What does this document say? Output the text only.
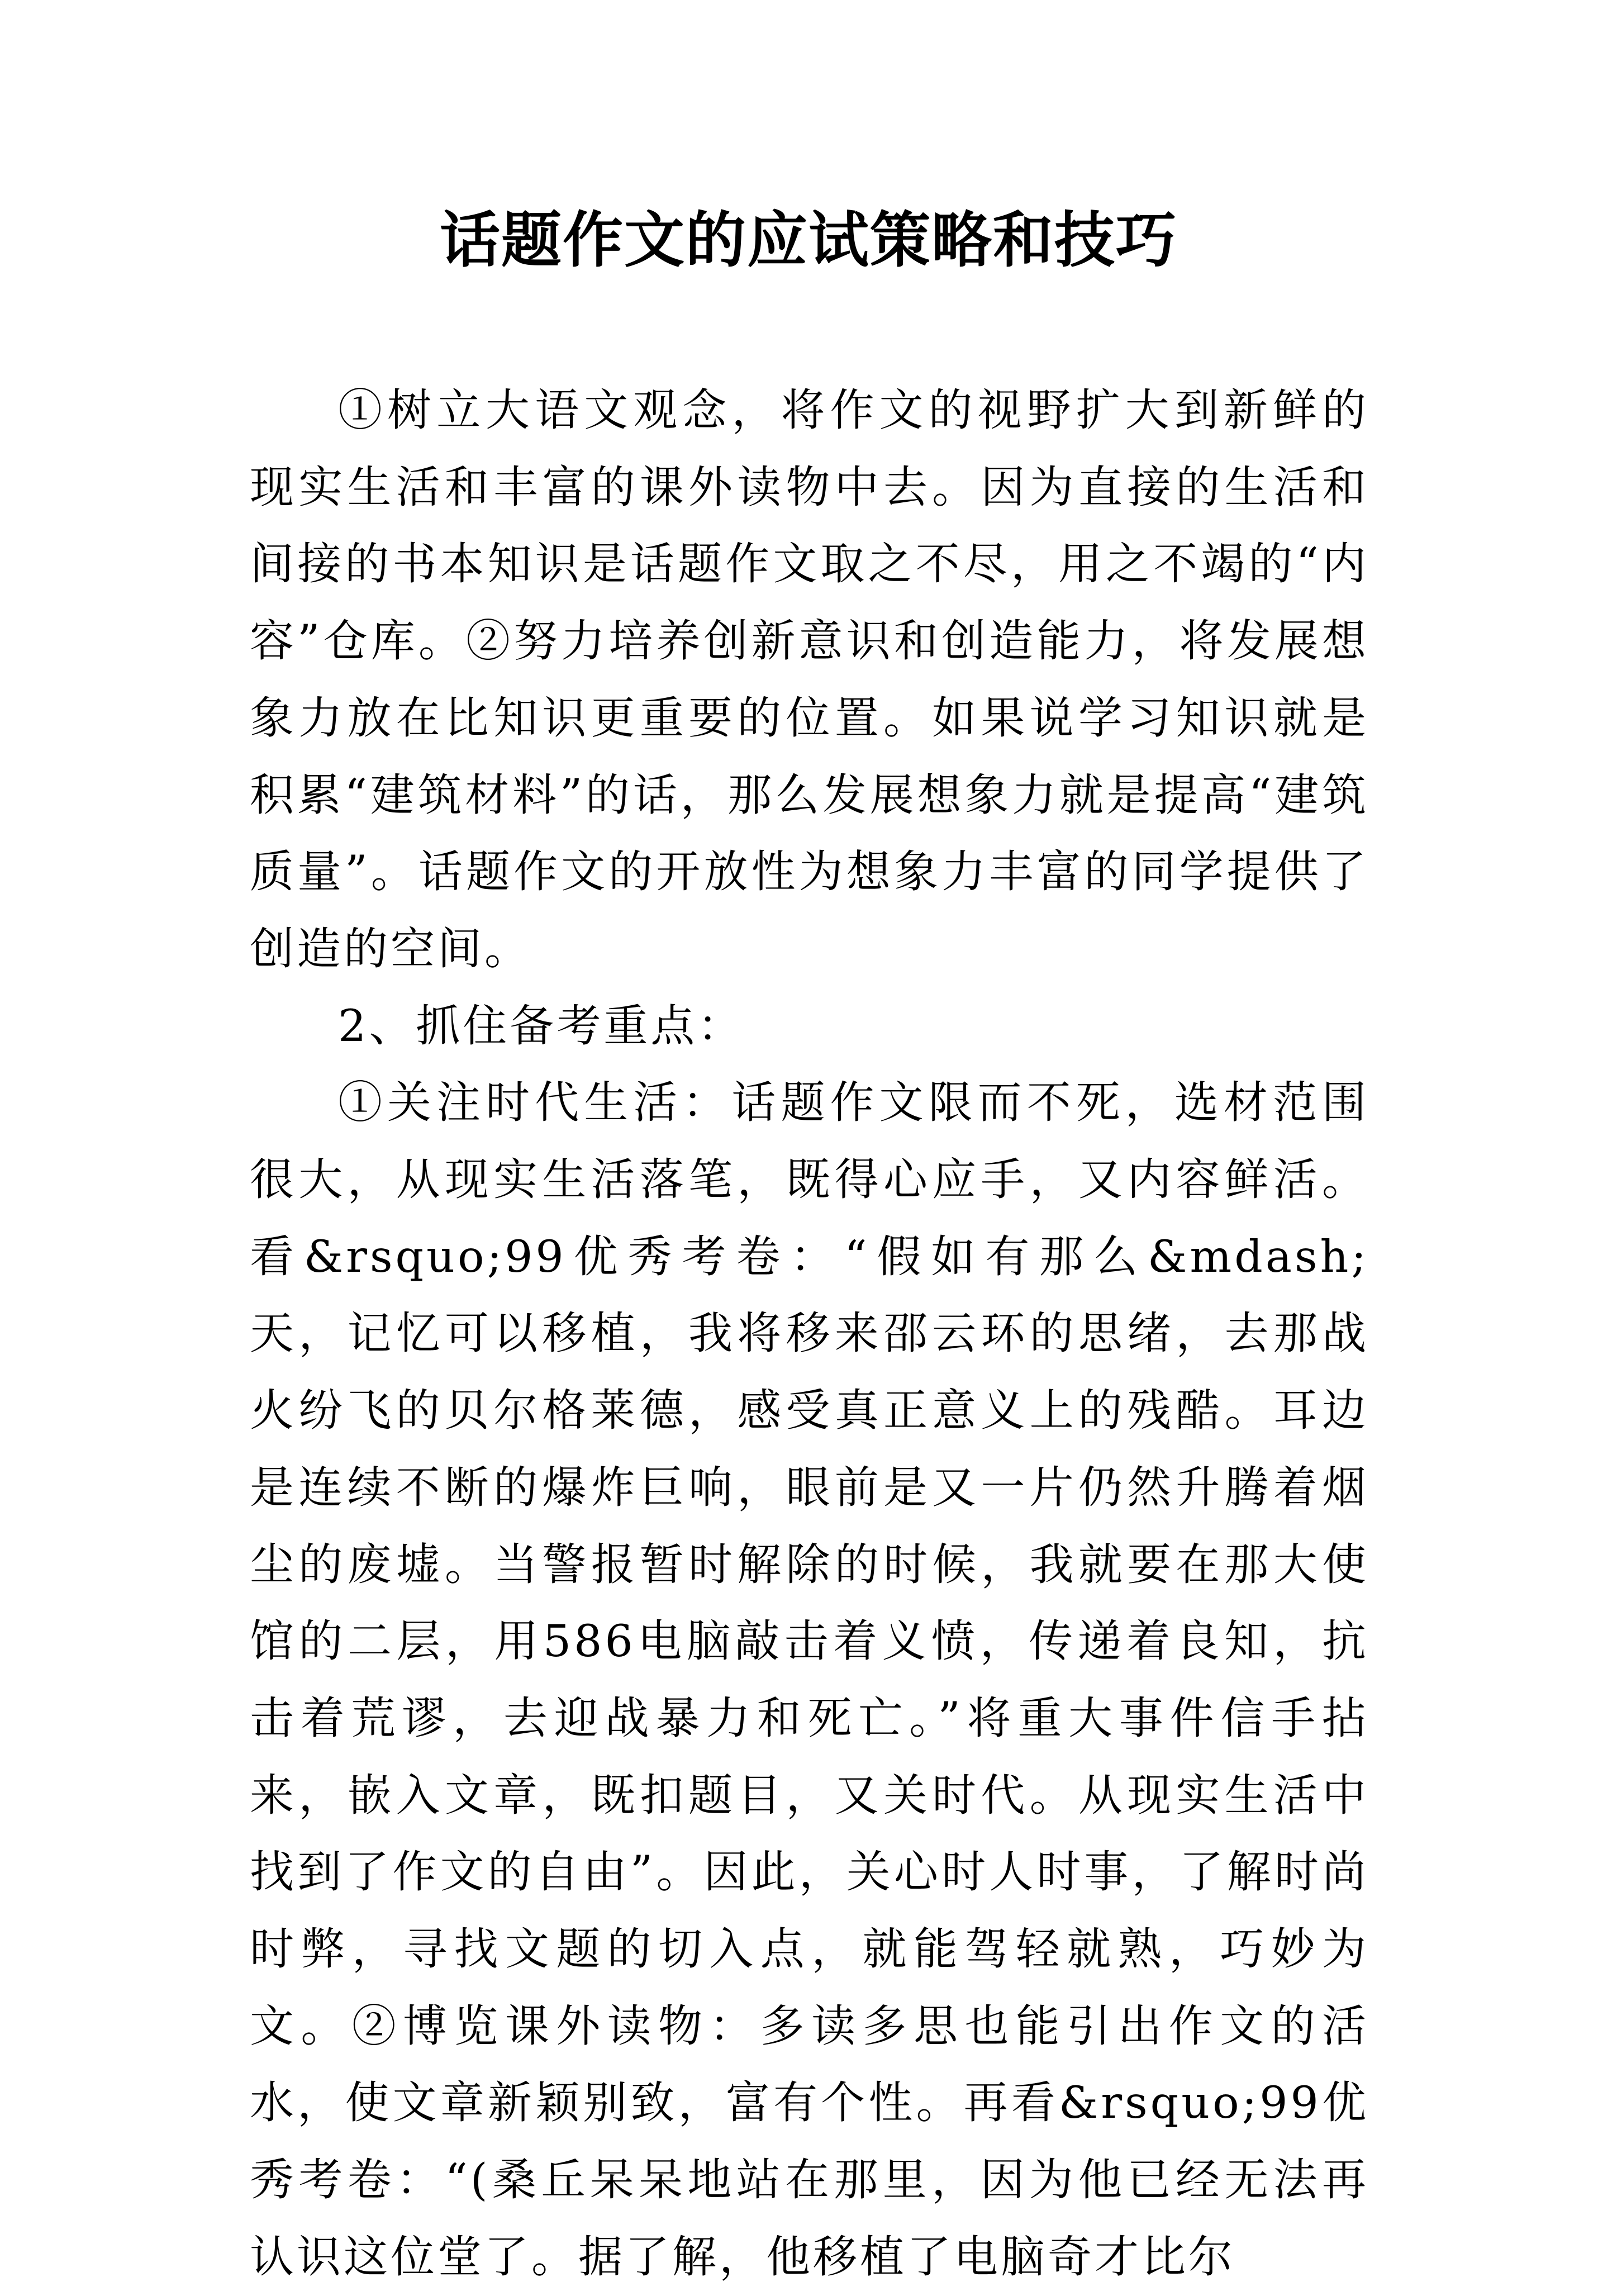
话题作文的应试策略和技巧

①树立大语文观念，将作文的视野扩大到新鲜的现实生活和丰富的课外读物中去。因为直接的生活和间接的书本知识是话题作文取之不尽，用之不竭的“内容”仓库。②努力培养创新意识和创造能力，将发展想象力放在比知识更重要的位置。如果说学习知识就是积累“建筑材料”的话，那么发展想象力就是提高“建筑质量”。话题作文的开放性为想象力丰富的同学提供了创造的空间。

2、抓住备考重点：

①关注时代生活：话题作文限而不死，选材范围很大，从现实生活落笔，既得心应手，又内容鲜活。看&rsquo;99优秀考卷：“假如有那么&mdash;天，记忆可以移植，我将移来邵云环的思绪，去那战火纷飞的贝尔格莱德，感受真正意义上的残酷。耳边是连续不断的爆炸巨响，眼前是又一片仍然升腾着烟尘的废墟。当警报暂时解除的时候，我就要在那大使馆的二层，用586电脑敲击着义愤，传递着良知，抗击着荒谬，去迎战暴力和死亡。”将重大事件信手拈来，嵌入文章，既扣题目，又关时代。从现实生活中找到了作文的自由”。因此，关心时人时事，了解时尚时弊，寻找文题的切入点，就能驾轻就熟，巧妙为文。②博览课外读物：多读多思也能引出作文的活水，使文章新颖别致，富有个性。再看&rsquo;99优秀考卷：“(桑丘呆呆地站在那里，因为他已经无法再认识这位堂了。据了解，他移植了电脑奇才比尔
